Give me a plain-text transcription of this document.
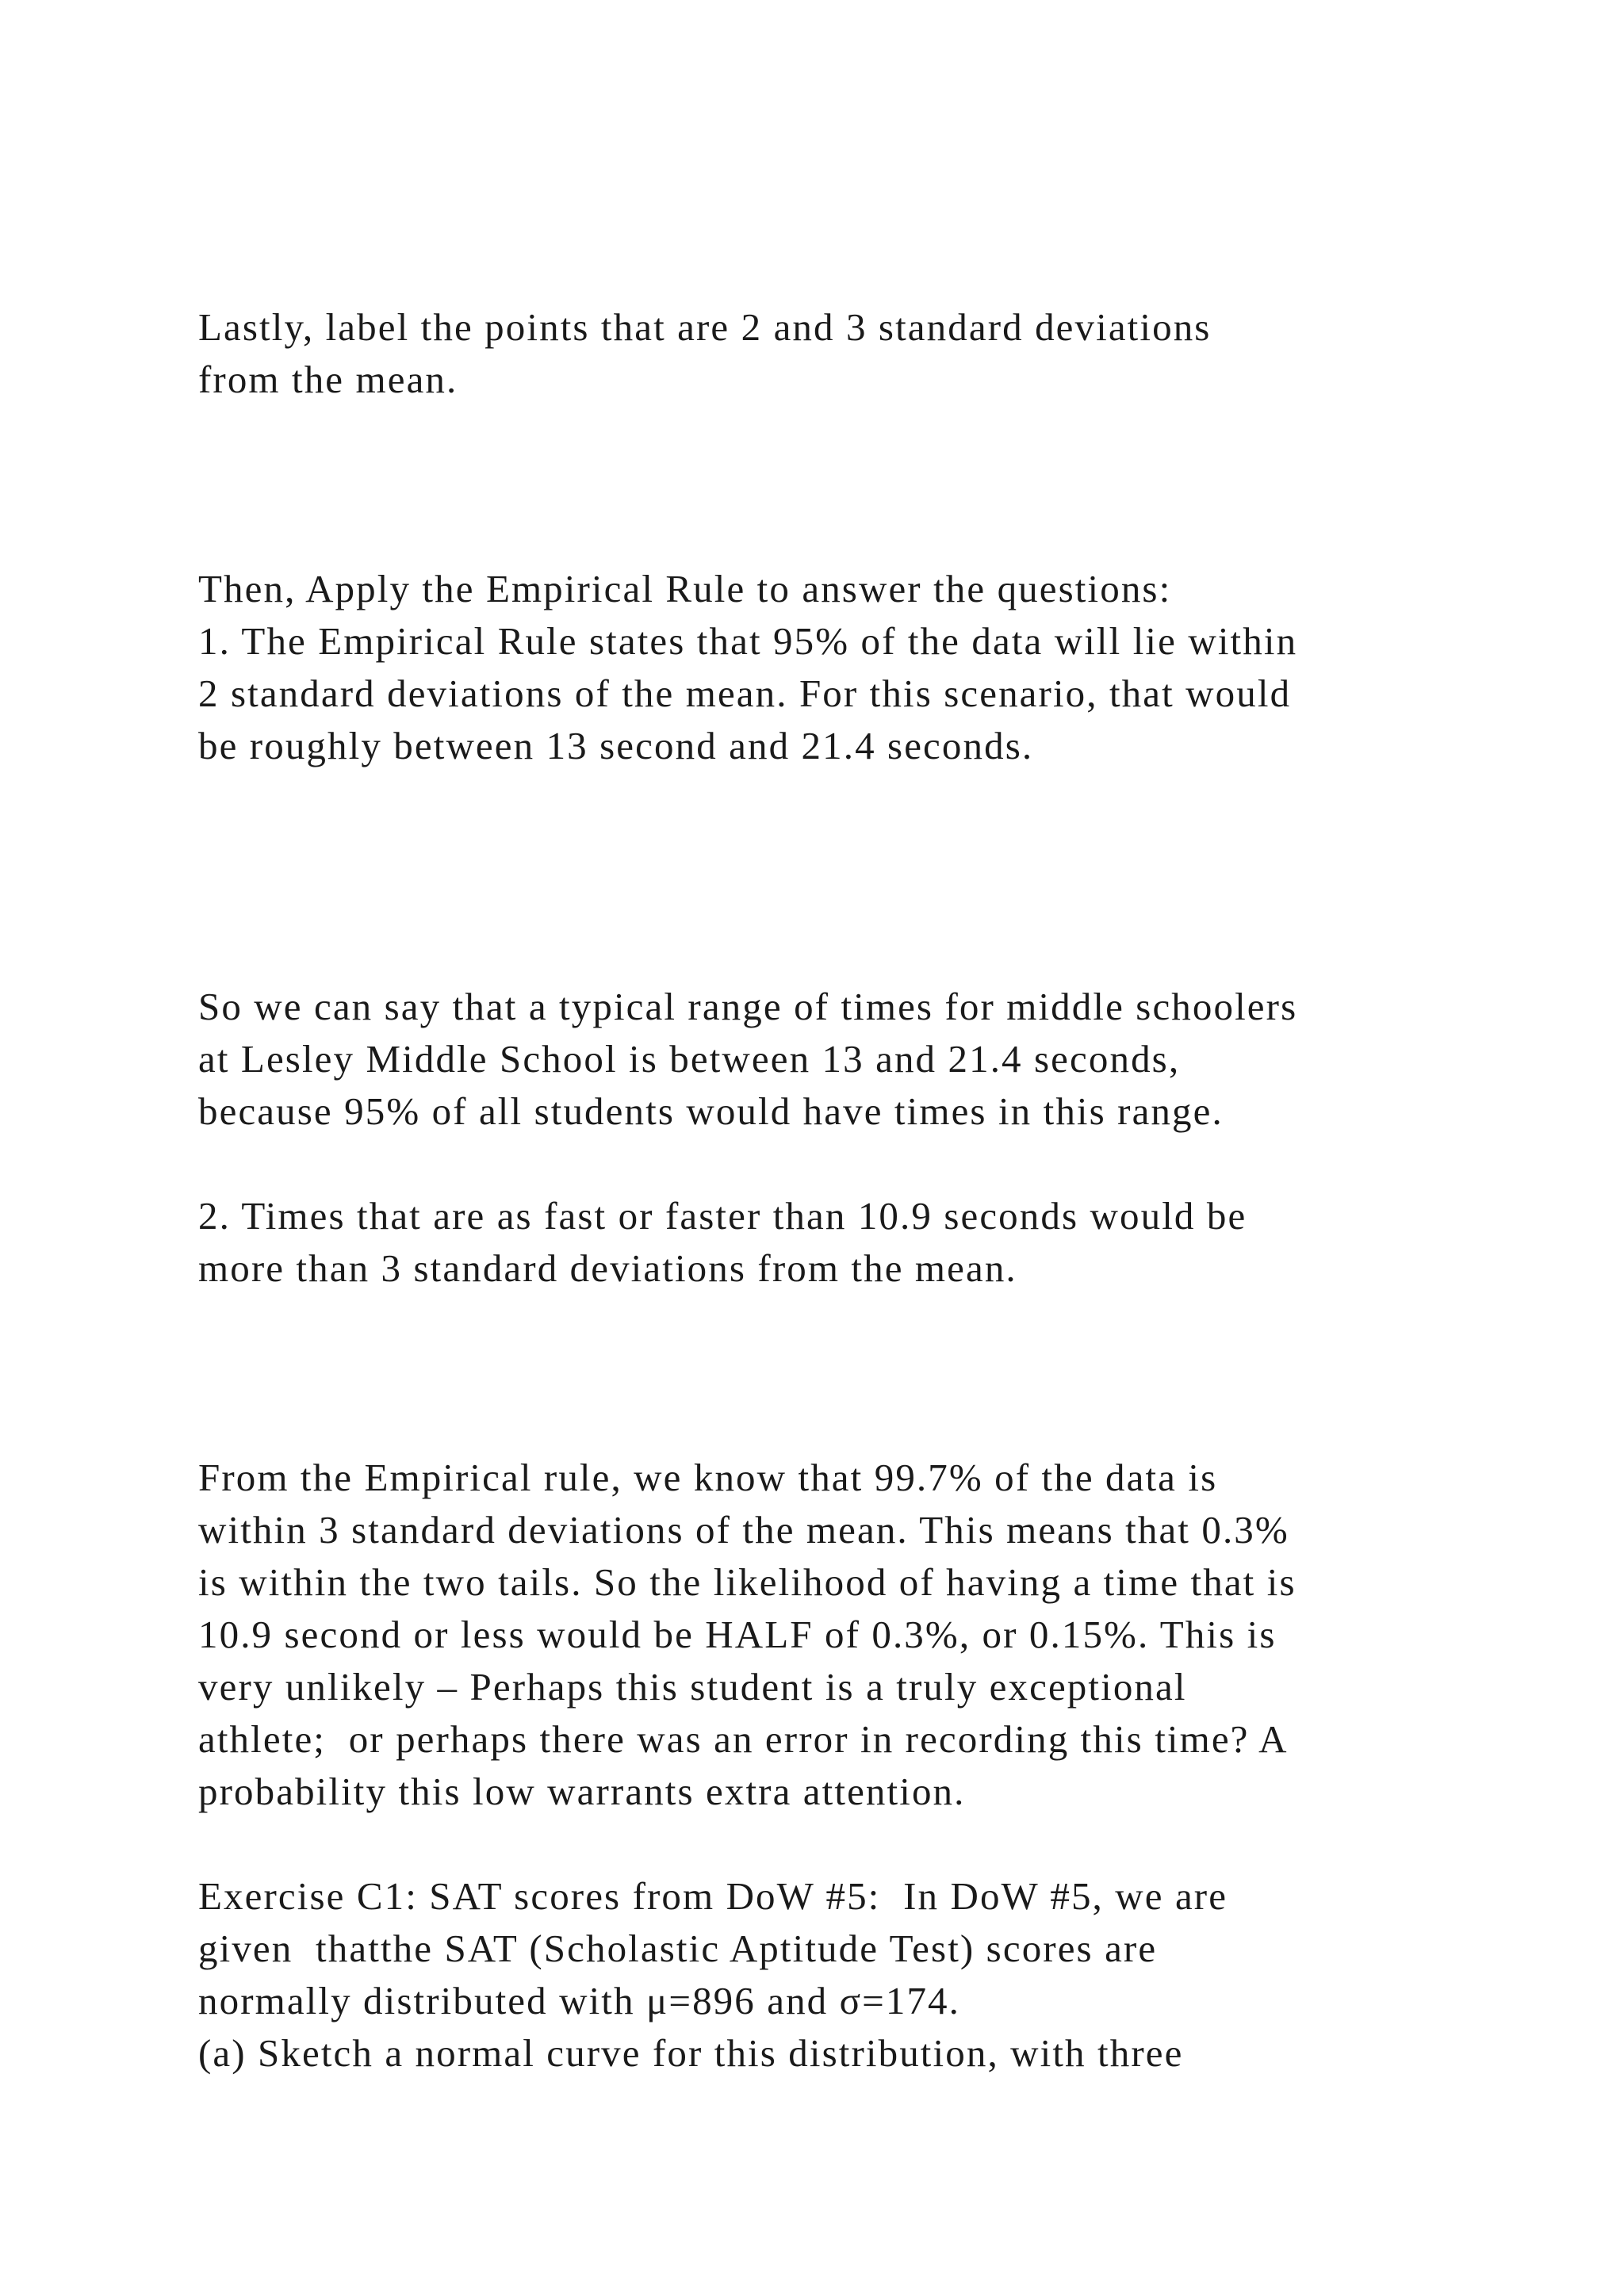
Lastly, label the points that are 2 and 3 standard deviations

from the mean.

Then, Apply the Empirical Rule to answer the questions:

1. The Empirical Rule states that 95% of the data will lie within

2 standard deviations of the mean. For this scenario, that would

be roughly between 13 second and 21.4 seconds.

So we can say that a typical range of times for middle schoolers

at Lesley Middle School is between 13 and 21.4 seconds,

because 95% of all students would have times in this range.

2. Times that are as fast or faster than 10.9 seconds would be

more than 3 standard deviations from the mean.

From the Empirical rule, we know that 99.7% of the data is

within 3 standard deviations of the mean. This means that 0.3%

is within the two tails. So the likelihood of having a time that is

10.9 second or less would be HALF of 0.3%, or 0.15%. This is

very unlikely – Perhaps this student is a truly exceptional

athlete;  or perhaps there was an error in recording this time? A

probability this low warrants extra attention.

Exercise C1: SAT scores from DoW #5:  In DoW #5, we are

given  thatthe SAT (Scholastic Aptitude Test) scores are

normally distributed with μ=896 and σ=174.

(a) Sketch a normal curve for this distribution, with three
